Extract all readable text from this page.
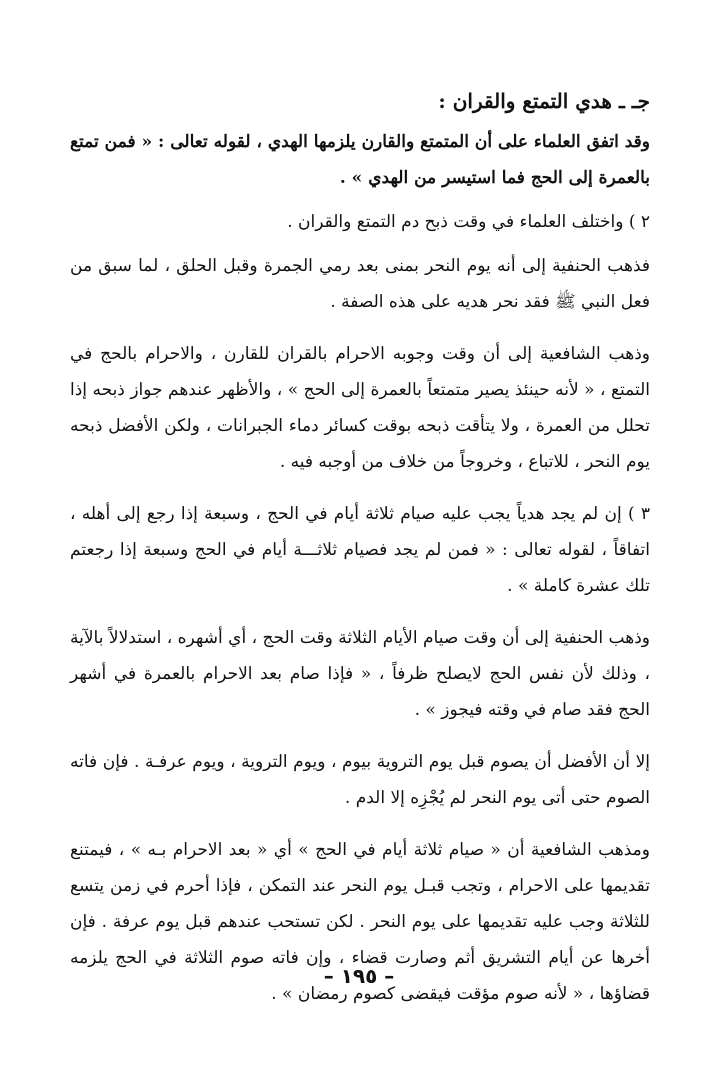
جـ ـ هدي التمتع والقران :

وقد اتفق العلماء على أن المتمتع والقارن يلزمها الهدي ، لقوله تعالى : « فمن تمتع بالعمرة إلى الحج فما استيسر من الهدي » .

٢ ) واختلف العلماء في وقت ذبح دم التمتع والقران .

فذهب الحنفية إلى أنه يوم النحر بمنى بعد رمي الجمرة وقبل الحلق ، لما سبق من فعل النبي ﷺ فقد نحر هديه على هذه الصفة .

وذهب الشافعية إلى أن وقت وجوبه الاحرام بالقران للقارن ، والاحرام بالحج في التمتع ، « لأنه حينئذ يصير متمتعاً بالعمرة إلى الحج » ، والأظهر عندهم جواز ذبحه إذا تحلل من العمرة ، ولا يتأقت ذبحه بوقت كسائر دماء الجبرانات ، ولكن الأفضل ذبحه يوم النحر ، للاتباع ، وخروجاً من خلاف من أوجبه فيه .

٣ ) إن لم يجد هدياً يجب عليه صيام ثلاثة أيام في الحج ، وسبعة إذا رجع إلى أهله ، اتفاقاً ، لقوله تعالى : « فمن لم يجد فصيام ثلاثـــة أيام في الحج وسبعة إذا رجعتم تلك عشرة كاملة » .

وذهب الحنفية إلى أن وقت صيام الأيام الثلاثة وقت الحج ، أي أشهره ، استدلالاً بالآية ، وذلك لأن نفس الحج لايصلح ظرفاً ، « فإذا صام بعد الاحرام بالعمرة في أشهر الحج فقد صام في وقته فيجوز » .

إلا أن الأفضل أن يصوم قبل يوم التروية بيوم ، ويوم التروية ، ويوم عرفـة . فإن فاته الصوم حتى أتى يوم النحر لم يُجْزِه إلا الدم .

ومذهب الشافعية أن « صيام ثلاثة أيام في الحج » أي « بعد الاحرام بـه » ، فيمتنع تقديمها على الاحرام ، وتجب قبـل يوم النحر عند التمكن ، فإذا أحرم في زمن يتسع للثلاثة وجب عليه تقديمها على يوم النحر . لكن تستحب عندهم قبل يوم عرفة . فإن أخرها عن أيام التشريق أثم وصارت قضاء ، وإن فاته صوم الثلاثة في الحج يلزمه قضاؤها ، « لأنه صوم مؤقت فيقضى كصوم رمضان » .

– ١٩٥ –
